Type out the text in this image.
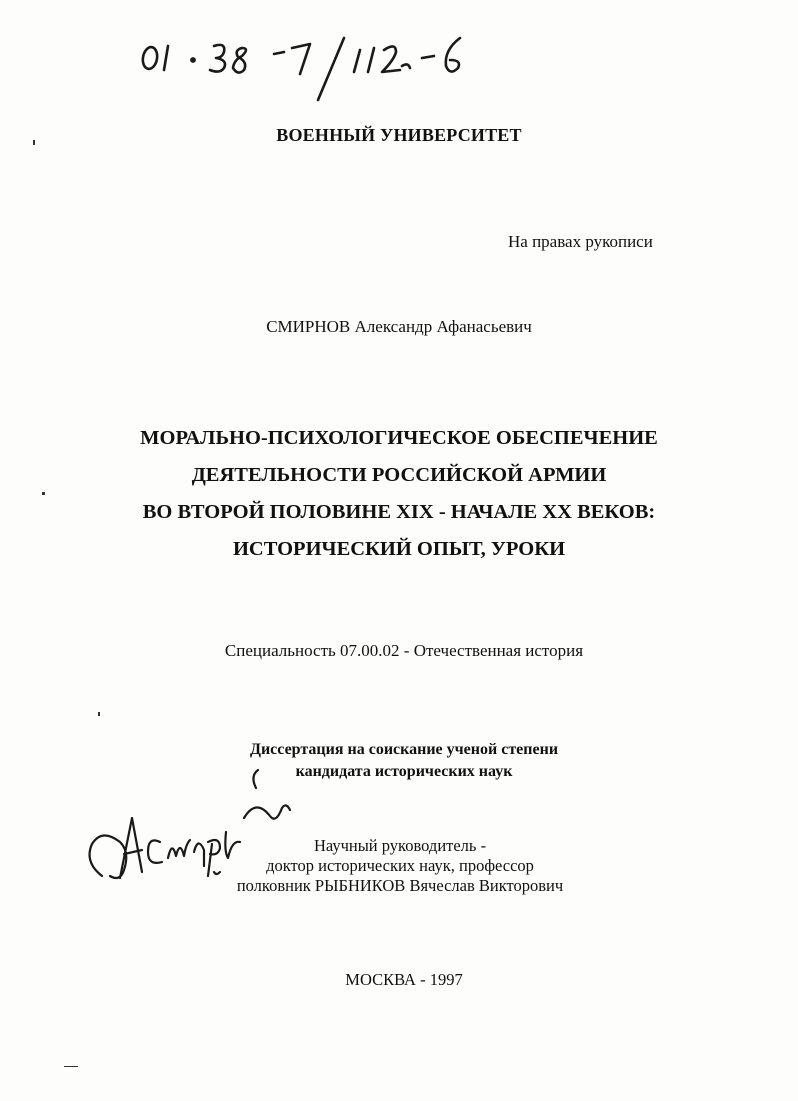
ВОЕННЫЙ УНИВЕРСИТЕТ
На правах рукописи
СМИРНОВ Александр Афанасьевич
МОРАЛЬНО-ПСИХОЛОГИЧЕСКОЕ ОБЕСПЕЧЕНИЕ
ДЕЯТЕЛЬНОСТИ РОССИЙСКОЙ АРМИИ
ВО ВТОРОЙ ПОЛОВИНЕ XIX - НАЧАЛЕ XX ВЕКОВ:
ИСТОРИЧЕСКИЙ ОПЫТ, УРОКИ
Специальность 07.00.02 - Отечественная история
Диссертация на соискание ученой степени
кандидата исторических наук
Научный руководитель -
доктор исторических наук, профессор
полковник РЫБНИКОВ Вячеслав Викторович
МОСКВА - 1997
